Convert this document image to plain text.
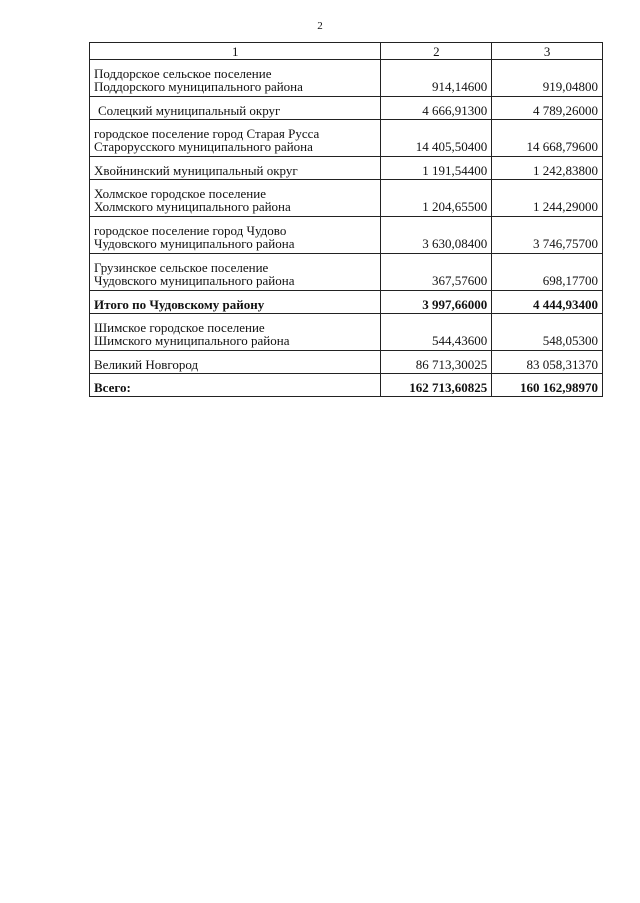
2
1	2	3

Поддорское сельское поселение
Поддорского муниципального района	914,14600	919,04800

Солецкий муниципальный округ	4 666,91300	4 789,26000

городское поселение город Старая Русса
Старорусского муниципального района	14 405,50400	14 668,79600

Хвойнинский муниципальный округ	1 191,54400	1 242,83800

Холмское городское поселение
Холмского муниципального района	1 204,65500	1 244,29000

городское поселение город Чудово
Чудовского муниципального района	3 630,08400	3 746,75700

Грузинское сельское поселение
Чудовского муниципального района	367,57600	698,17700

Итого по Чудовскому району	3 997,66000	4 444,93400

Шимское городское поселение
Шимского муниципального района	544,43600	548,05300

Великий Новгород	86 713,30025	83 058,31370

Всего:	162 713,60825	160 162,98970
